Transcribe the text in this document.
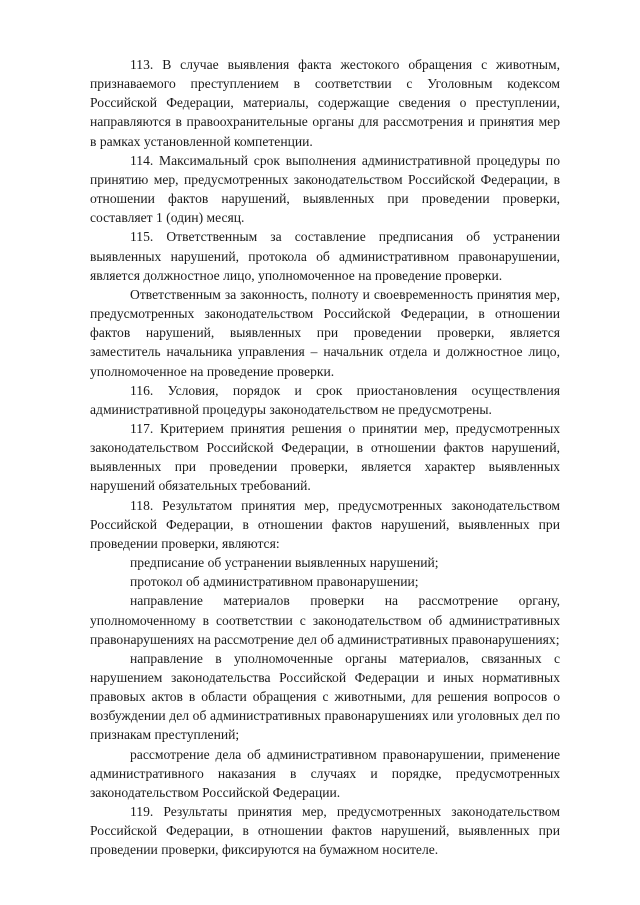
113. В случае выявления факта жестокого обращения с животным, признаваемого преступлением в соответствии с Уголовным кодексом Российской Федерации, материалы, содержащие сведения о преступлении, направляются в правоохранительные органы для рассмотрения и принятия мер в рамках установленной компетенции.

114. Максимальный срок выполнения административной процедуры по принятию мер, предусмотренных законодательством Российской Федерации, в отношении фактов нарушений, выявленных при проведении проверки, составляет 1 (один) месяц.

115. Ответственным за составление предписания об устранении выявленных нарушений, протокола об административном правонарушении, является должностное лицо, уполномоченное на проведение проверки.

Ответственным за законность, полноту и своевременность принятия мер, предусмотренных законодательством Российской Федерации, в отношении фактов нарушений, выявленных при проведении проверки, является заместитель начальника управления – начальник отдела и должностное лицо, уполномоченное на проведение проверки.

116. Условия, порядок и срок приостановления осуществления административной процедуры законодательством не предусмотрены.

117. Критерием принятия решения о принятии мер, предусмотренных законодательством Российской Федерации, в отношении фактов нарушений, выявленных при проведении проверки, является характер выявленных нарушений обязательных требований.

118. Результатом принятия мер, предусмотренных законодательством Российской Федерации, в отношении фактов нарушений, выявленных при проведении проверки, являются:

предписание об устранении выявленных нарушений;

протокол об административном правонарушении;

направление материалов проверки на рассмотрение органу, уполномоченному в соответствии с законодательством об административных правонарушениях на рассмотрение дел об административных правонарушениях;

направление в уполномоченные органы материалов, связанных с нарушением законодательства Российской Федерации и иных нормативных правовых актов в области обращения с животными, для решения вопросов о возбуждении дел об административных правонарушениях или уголовных дел по признакам преступлений;

рассмотрение дела об административном правонарушении, применение административного наказания в случаях и порядке, предусмотренных законодательством Российской Федерации.

119. Результаты принятия мер, предусмотренных законодательством Российской Федерации, в отношении фактов нарушений, выявленных при проведении проверки, фиксируются на бумажном носителе.
